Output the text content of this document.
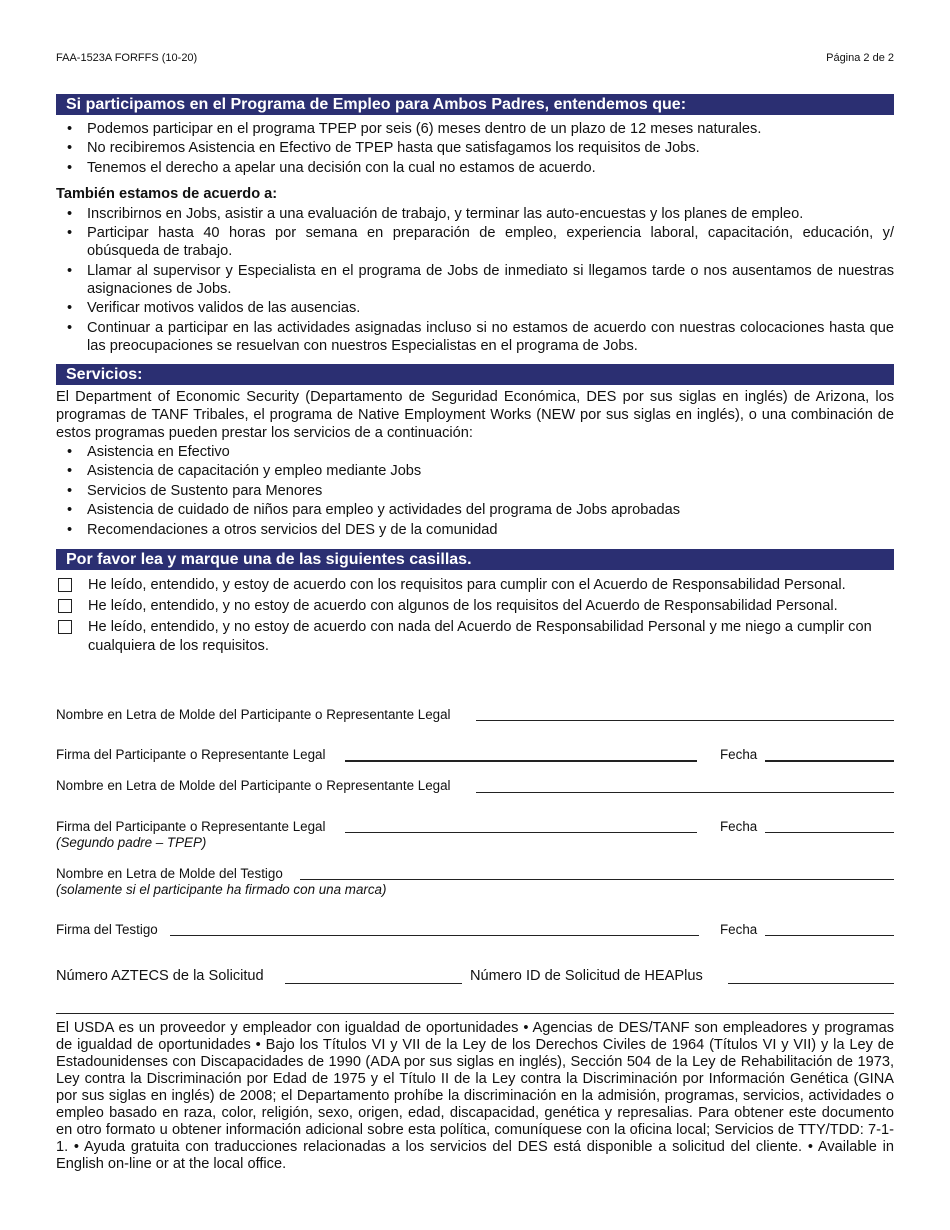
FAA-1523A FORFFS (10-20)	Página 2 de 2
Si participamos en el Programa de Empleo para Ambos Padres, entendemos que:
• Podemos participar en el programa TPEP por seis (6) meses dentro de un plazo de 12 meses naturales.
• No recibiremos Asistencia en Efectivo de TPEP hasta que satisfagamos los requisitos de Jobs.
• Tenemos el derecho a apelar una decisión con la cual no estamos de acuerdo.
También estamos de acuerdo a:
• Inscribirnos en Jobs, asistir a una evaluación de trabajo, y terminar las auto-encuestas y los planes de empleo.
• Participar hasta 40 horas por semana en preparación de empleo, experiencia laboral, capacitación, educación, y/ obúsqueda de trabajo.
• Llamar al supervisor y Especialista en el programa de Jobs de inmediato si llegamos tarde o nos ausentamos de nuestras asignaciones de Jobs.
• Verificar motivos validos de las ausencias.
• Continuar a participar en las actividades asignadas incluso si no estamos de acuerdo con nuestras colocaciones hasta que las preocupaciones se resuelvan con nuestros Especialistas en el programa de Jobs.
Servicios:
El Department of Economic Security (Departamento de Seguridad Económica, DES por sus siglas en inglés) de Arizona, los programas de TANF Tribales, el programa de Native Employment Works (NEW por sus siglas en inglés), o una combinación de estos programas pueden prestar los servicios de a continuación:
• Asistencia en Efectivo
• Asistencia de capacitación y empleo mediante Jobs
• Servicios de Sustento para Menores
• Asistencia de cuidado de niños para empleo y actividades del programa de Jobs aprobadas
• Recomendaciones a otros servicios del DES y de la comunidad
Por favor lea y marque una de las siguientes casillas.
He leído, entendido, y estoy de acuerdo con los requisitos para cumplir con el Acuerdo de Responsabilidad Personal.
He leído, entendido, y no estoy de acuerdo con algunos de los requisitos del Acuerdo de Responsabilidad Personal.
He leído, entendido, y no estoy de acuerdo con nada del Acuerdo de Responsabilidad Personal y me niego a cumplir con cualquiera de los requisitos.
Nombre en Letra de Molde del Participante o Representante Legal
Firma del Participante o Representante Legal	Fecha
Nombre en Letra de Molde del Participante o Representante Legal
Firma del Participante o Representante Legal
(Segundo padre – TPEP)
Fecha
Nombre en Letra de Molde del Testigo
(solamente si el participante ha firmado con una marca)
Firma del Testigo	Fecha
Número AZTECS de la Solicitud	Número ID de Solicitud de HEAPlus
El USDA es un proveedor y empleador con igualdad de oportunidades • Agencias de DES/TANF son empleadores y programas de igualdad de oportunidades • Bajo los Títulos VI y VII de la Ley de los Derechos Civiles de 1964 (Títulos VI y VII) y la Ley de Estadounidenses con Discapacidades de 1990 (ADA por sus siglas en inglés), Sección 504 de la Ley de Rehabilitación de 1973, Ley contra la Discriminación por Edad de 1975 y el Título II de la Ley contra la Discriminación por Información Genética (GINA por sus siglas en inglés) de 2008; el Departamento prohíbe la discriminación en la admisión, programas, servicios, actividades o empleo basado en raza, color, religión, sexo, origen, edad, discapacidad, genética y represalias. Para obtener este documento en otro formato u obtener información adicional sobre esta política, comuníquese con la oficina local; Servicios de TTY/TDD: 7-1-1. • Ayuda gratuita con traducciones relacionadas a los servicios del DES está disponible a solicitud del cliente. • Available in English on-line or at the local office.
